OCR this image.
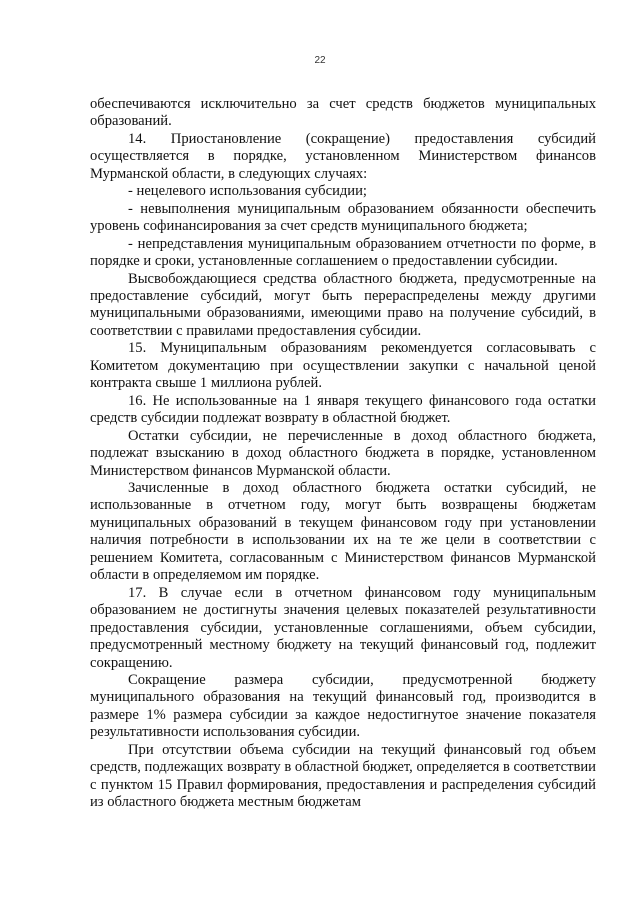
22

обеспечиваются исключительно за счет средств бюджетов муниципальных образований.

14. Приостановление (сокращение) предоставления субсидий осуществляется в порядке, установленном Министерством финансов Мурманской области, в следующих случаях:

- нецелевого использования субсидии;

- невыполнения муниципальным образованием обязанности обеспечить уровень софинансирования за счет средств муниципального бюджета;

- непредставления муниципальным образованием отчетности по форме, в порядке и сроки, установленные соглашением о предоставлении субсидии.

Высвобождающиеся средства областного бюджета, предусмотренные на предоставление субсидий, могут быть перераспределены между другими муниципальными образованиями, имеющими право на получение субсидий, в соответствии с правилами предоставления субсидии.

15. Муниципальным образованиям рекомендуется согласовывать с Комитетом документацию при осуществлении закупки с начальной ценой контракта свыше 1 миллиона рублей.

16. Не использованные на 1 января текущего финансового года остатки средств субсидии подлежат возврату в областной бюджет.

Остатки субсидии, не перечисленные в доход областного бюджета, подлежат взысканию в доход областного бюджета в порядке, установленном Министерством финансов Мурманской области.

Зачисленные в доход областного бюджета остатки субсидий, не использованные в отчетном году, могут быть возвращены бюджетам муниципальных образований в текущем финансовом году при установлении наличия потребности в использовании их на те же цели в соответствии с решением Комитета, согласованным с Министерством финансов Мурманской области в определяемом им порядке.

17. В случае если в отчетном финансовом году муниципальным образованием не достигнуты значения целевых показателей результативности предоставления субсидии, установленные соглашениями, объем субсидии, предусмотренный местному бюджету на текущий финансовый год, подлежит сокращению.

Сокращение размера субсидии, предусмотренной бюджету муниципального образования на текущий финансовый год, производится в размере 1% размера субсидии за каждое недостигнутое значение показателя результативности использования субсидии.

При отсутствии объема субсидии на текущий финансовый год объем средств, подлежащих возврату в областной бюджет, определяется в соответствии с пунктом 15 Правил формирования, предоставления и распределения субсидий из областного бюджета местным бюджетам
